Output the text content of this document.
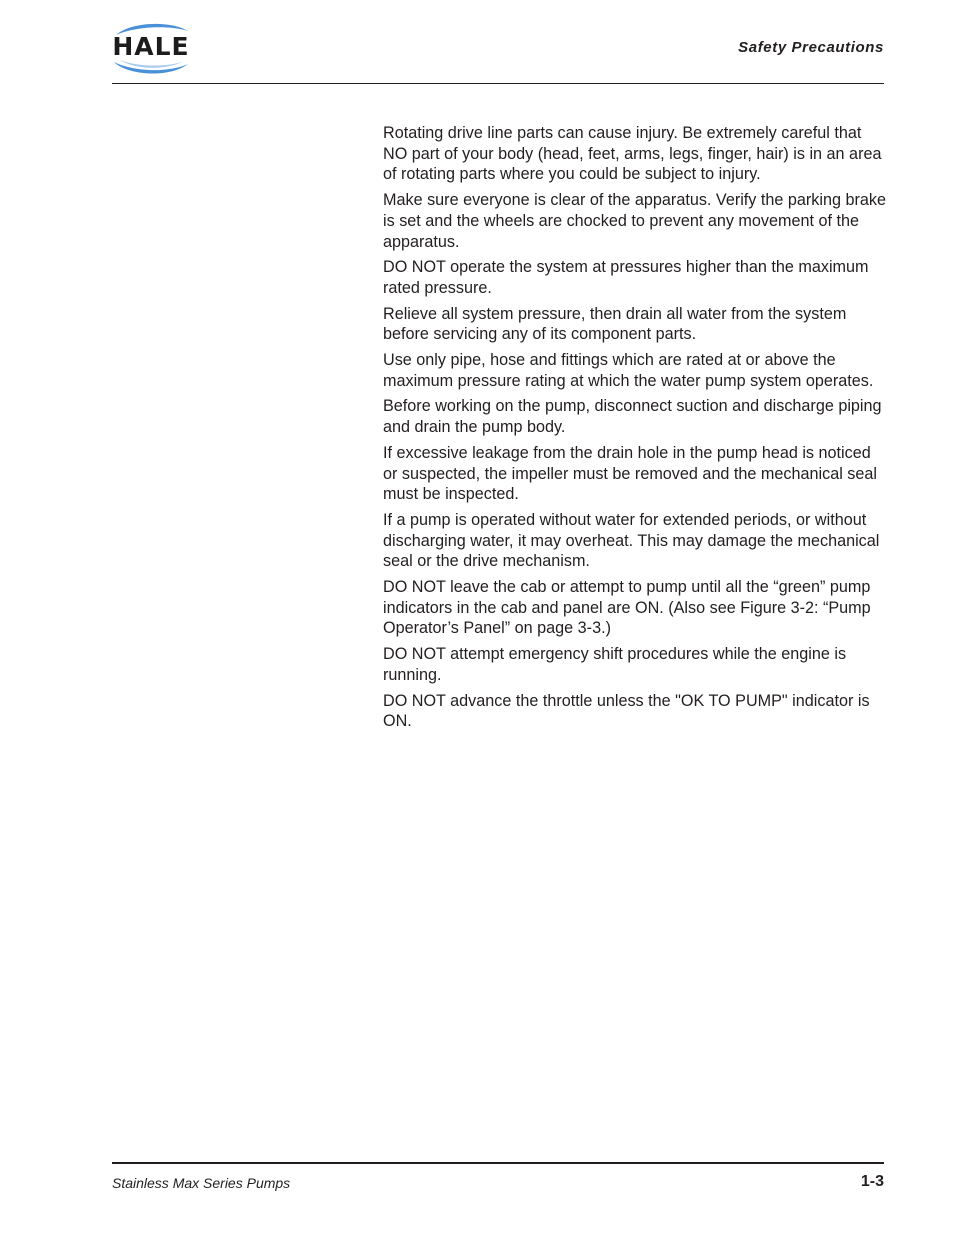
HALE	Safety Precautions

Rotating drive line parts can cause injury. Be extremely careful that NO part of your body (head, feet, arms, legs, finger, hair) is in an area of rotating parts where you could be subject to injury.

Make sure everyone is clear of the apparatus. Verify the parking brake is set and the wheels are chocked to prevent any movement of the apparatus.

DO NOT operate the system at pressures higher than the maximum rated pressure.

Relieve all system pressure, then drain all water from the system before servicing any of its component parts.

Use only pipe, hose and fittings which are rated at or above the maximum pressure rating at which the water pump system operates.

Before working on the pump, disconnect suction and discharge piping and drain the pump body.

If excessive leakage from the drain hole in the pump head is noticed or suspected, the impeller must be removed and the mechanical seal must be inspected.

If a pump is operated without water for extended periods, or without discharging water, it may overheat. This may damage the mechanical seal or the drive mechanism.

DO NOT leave the cab or attempt to pump until all the “green” pump indicators in the cab and panel are ON. (Also see Figure 3-2: “Pump Operator’s Panel” on page 3-3.)

DO NOT attempt emergency shift procedures while the engine is running.

DO NOT advance the throttle unless the "OK TO PUMP" indicator is ON.

Stainless Max Series Pumps	1-3
